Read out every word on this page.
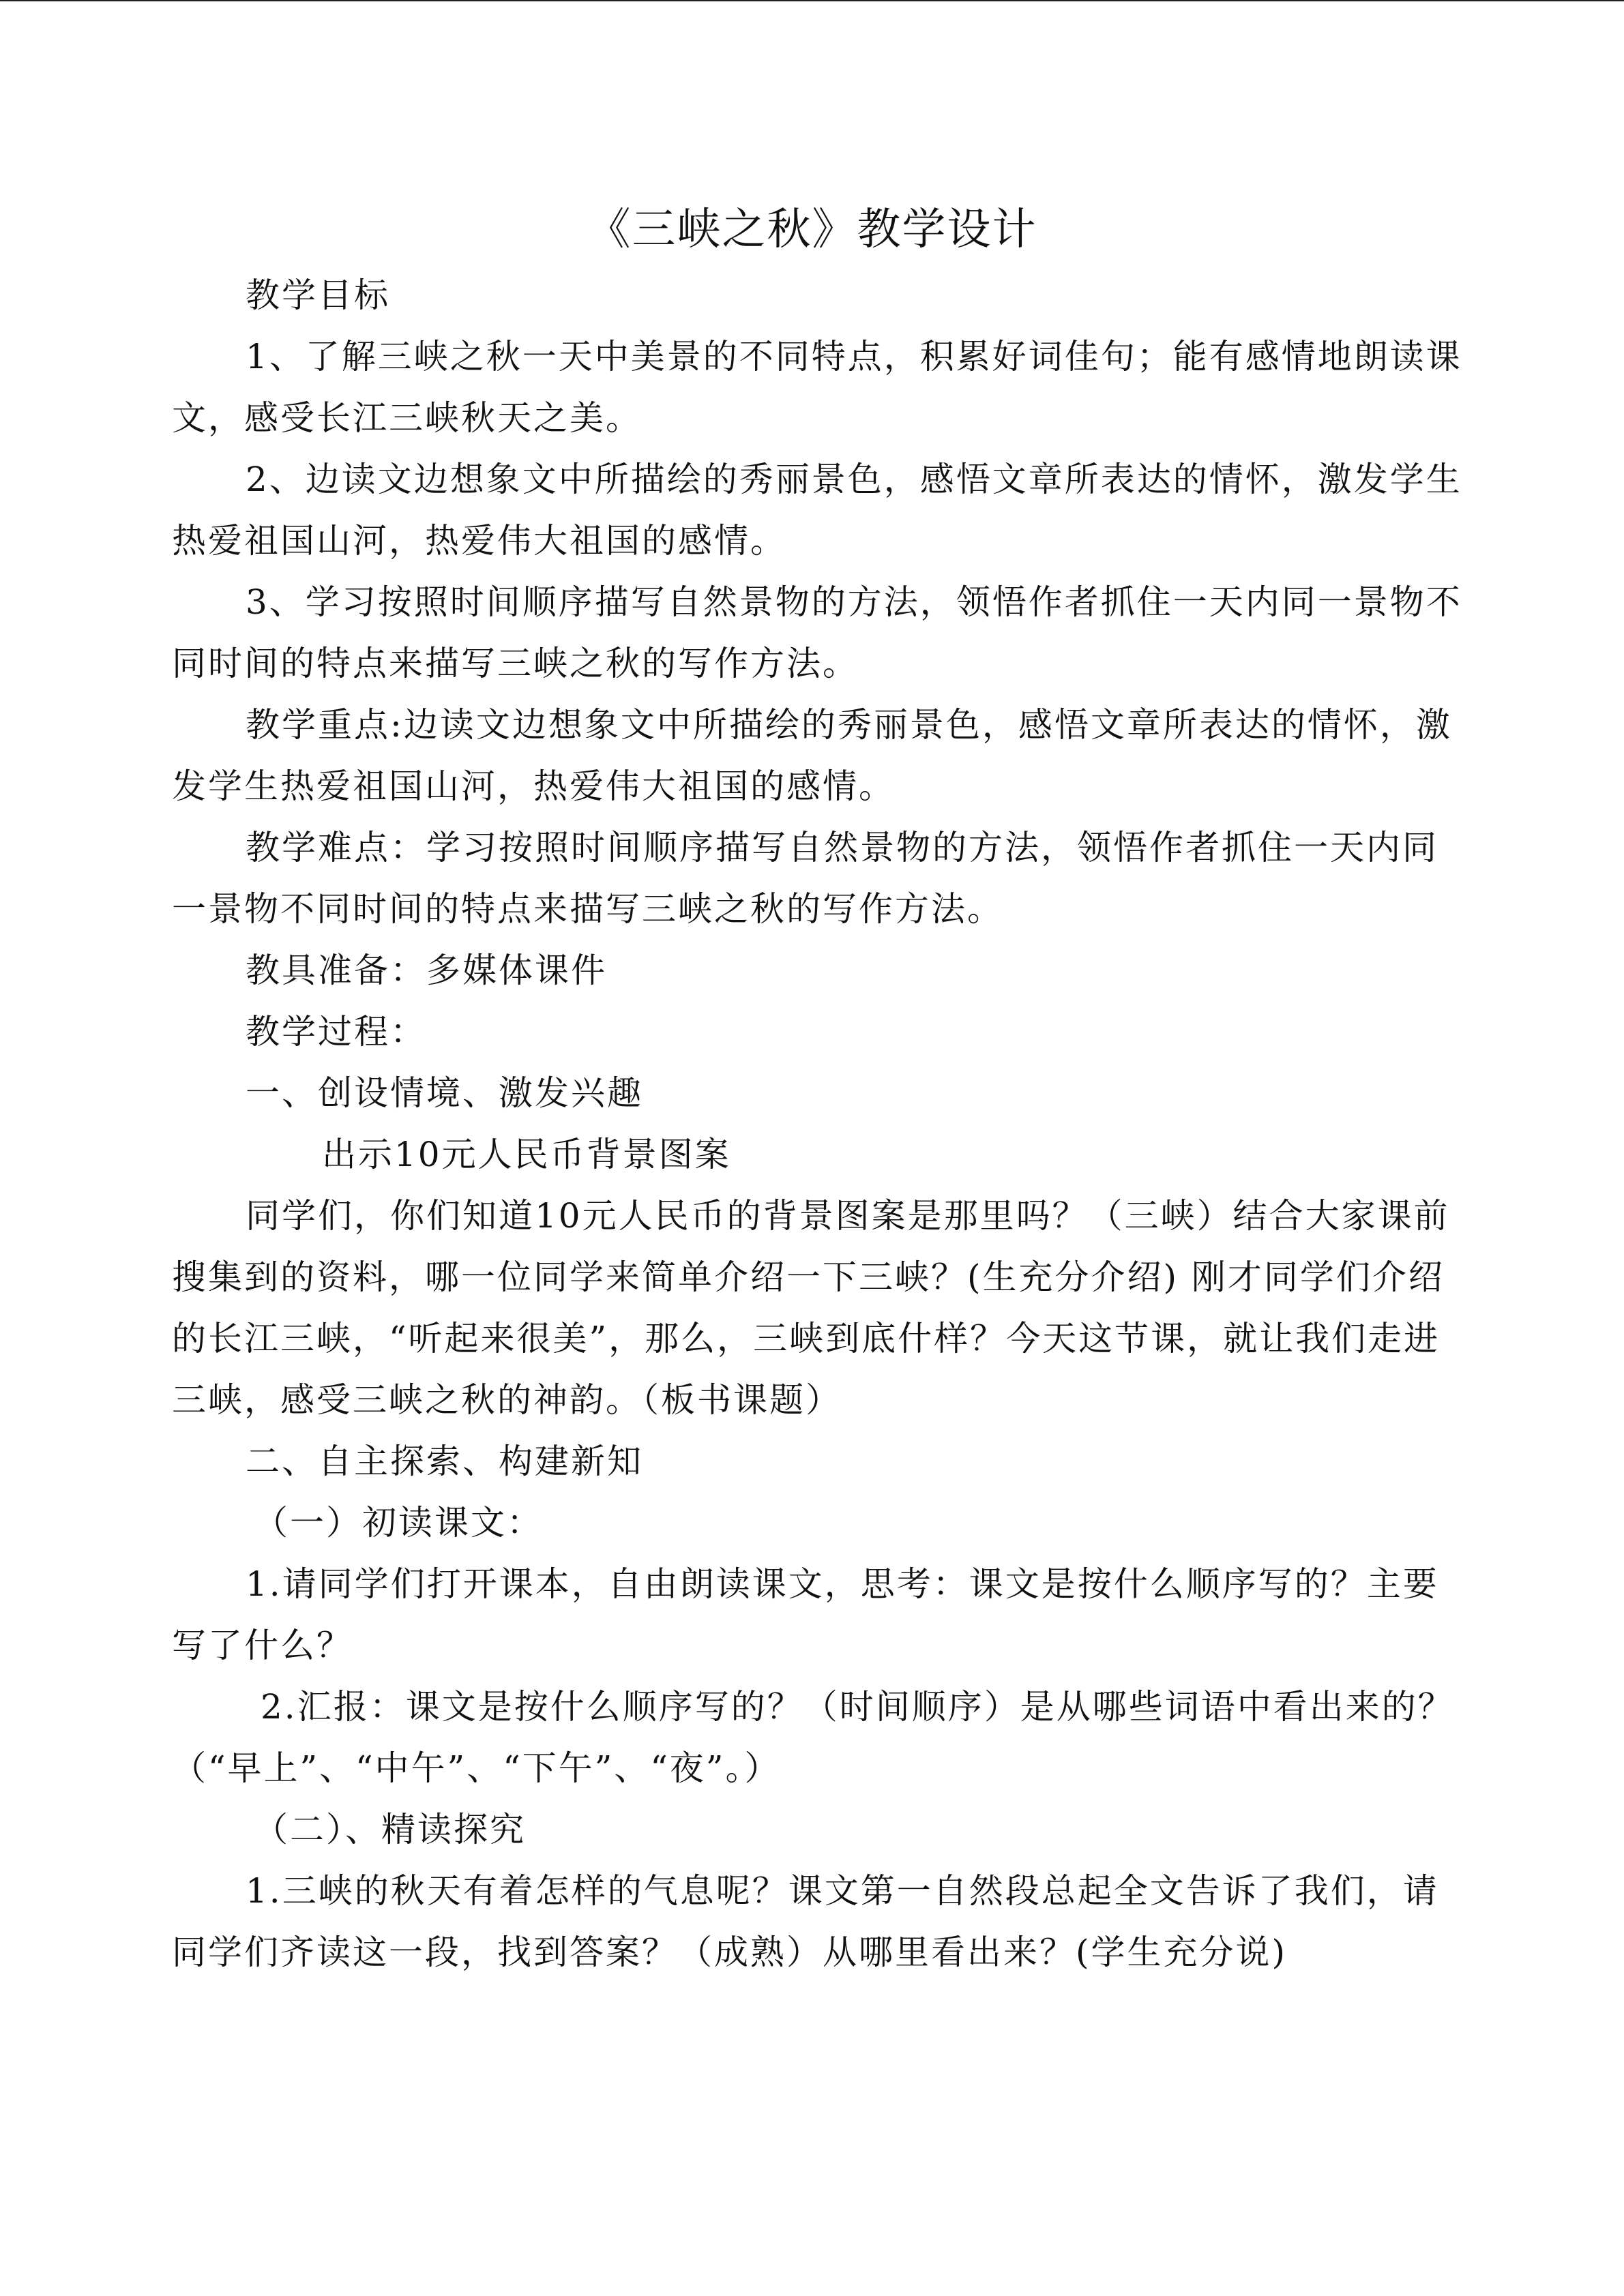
《三峡之秋》教学设计

教学目标

1、了解三峡之秋一天中美景的不同特点，积累好词佳句；能有感情地朗读课文，感受长江三峡秋天之美。

2、边读文边想象文中所描绘的秀丽景色，感悟文章所表达的情怀，激发学生热爱祖国山河，热爱伟大祖国的感情。

3、学习按照时间顺序描写自然景物的方法，领悟作者抓住一天内同一景物不同时间的特点来描写三峡之秋的写作方法。

教学重点:边读文边想象文中所描绘的秀丽景色，感悟文章所表达的情怀，激发学生热爱祖国山河，热爱伟大祖国的感情。

教学难点：学习按照时间顺序描写自然景物的方法，领悟作者抓住一天内同一景物不同时间的特点来描写三峡之秋的写作方法。

教具准备：多媒体课件

教学过程：

一、创设情境、激发兴趣

出示10元人民币背景图案

同学们，你们知道10元人民币的背景图案是那里吗？（三峡）结合大家课前搜集到的资料，哪一位同学来简单介绍一下三峡？(生充分介绍) 刚才同学们介绍的长江三峡，“听起来很美”，那么，三峡到底什样？今天这节课，就让我们走进三峡，感受三峡之秋的神韵。（板书课题）

二、自主探索、构建新知

（一）初读课文：

1.请同学们打开课本，自由朗读课文，思考：课文是按什么顺序写的？主要写了什么？

2.汇报：课文是按什么顺序写的？（时间顺序）是从哪些词语中看出来的？（“早上”、“中午”、“下午”、“夜”。）

（二）、精读探究

1.三峡的秋天有着怎样的气息呢？课文第一自然段总起全文告诉了我们，请同学们齐读这一段，找到答案？（成熟）从哪里看出来？(学生充分说)
